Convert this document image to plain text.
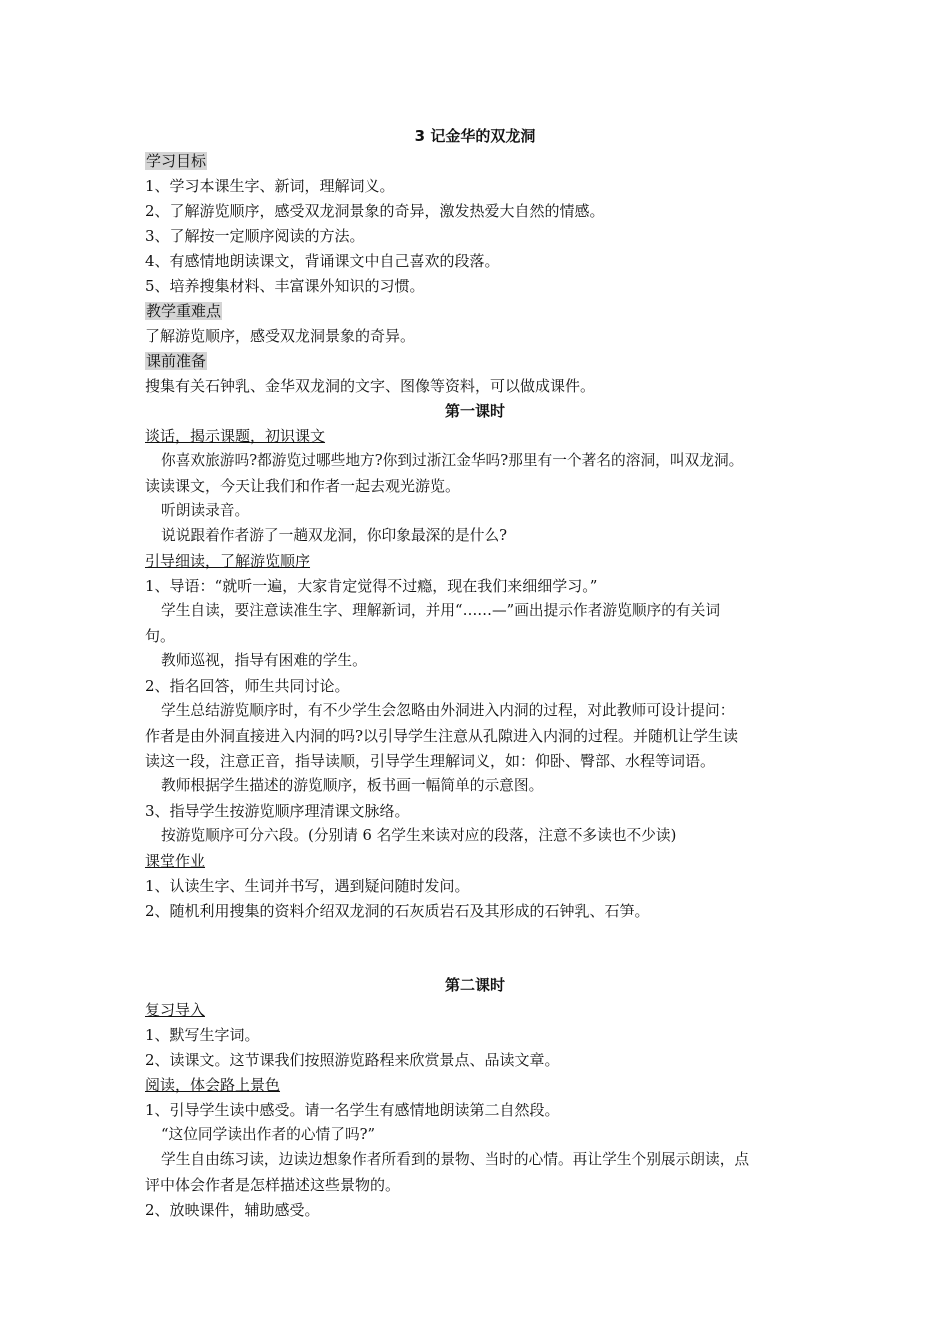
3 记金华的双龙洞
学习目标
1、学习本课生字、新词，理解词义。
2、了解游览顺序，感受双龙洞景象的奇异，激发热爱大自然的情感。
3、了解按一定顺序阅读的方法。
4、有感情地朗读课文，背诵课文中自己喜欢的段落。
5、培养搜集材料、丰富课外知识的习惯。
教学重难点
了解游览顺序，感受双龙洞景象的奇异。
课前准备
搜集有关石钟乳、金华双龙洞的文字、图像等资料，可以做成课件。
第一课时
谈话，揭示课题，初识课文
你喜欢旅游吗?都游览过哪些地方?你到过浙江金华吗?那里有一个著名的溶洞，叫双龙洞。
读读课文，今天让我们和作者一起去观光游览。
听朗读录音。
说说跟着作者游了一趟双龙洞，你印象最深的是什么?
引导细读，了解游览顺序
1、导语：“就听一遍，大家肯定觉得不过瘾，现在我们来细细学习。”
学生自读，要注意读准生字、理解新词，并用“……—”画出提示作者游览顺序的有关词
句。
教师巡视，指导有困难的学生。
2、指名回答，师生共同讨论。
学生总结游览顺序时，有不少学生会忽略由外洞进入内洞的过程，对此教师可设计提问：
作者是由外洞直接进入内洞的吗?以引导学生注意从孔隙进入内洞的过程。并随机让学生读
读这一段，注意正音，指导读顺，引导学生理解词义，如：仰卧、臀部、水程等词语。
教师根据学生描述的游览顺序，板书画一幅简单的示意图。
3、指导学生按游览顺序理清课文脉络。
按游览顺序可分六段。(分别请 6 名学生来读对应的段落，注意不多读也不少读)
课堂作业
1、认读生字、生词并书写，遇到疑问随时发问。
2、随机利用搜集的资料介绍双龙洞的石灰质岩石及其形成的石钟乳、石笋。
第二课时
复习导入
1、默写生字词。
2、读课文。这节课我们按照游览路程来欣赏景点、品读文章。
阅读，体会路上景色
1、引导学生读中感受。请一名学生有感情地朗读第二自然段。
“这位同学读出作者的心情了吗?”
学生自由练习读，边读边想象作者所看到的景物、当时的心情。再让学生个别展示朗读，点
评中体会作者是怎样描述这些景物的。
2、放映课件，辅助感受。
